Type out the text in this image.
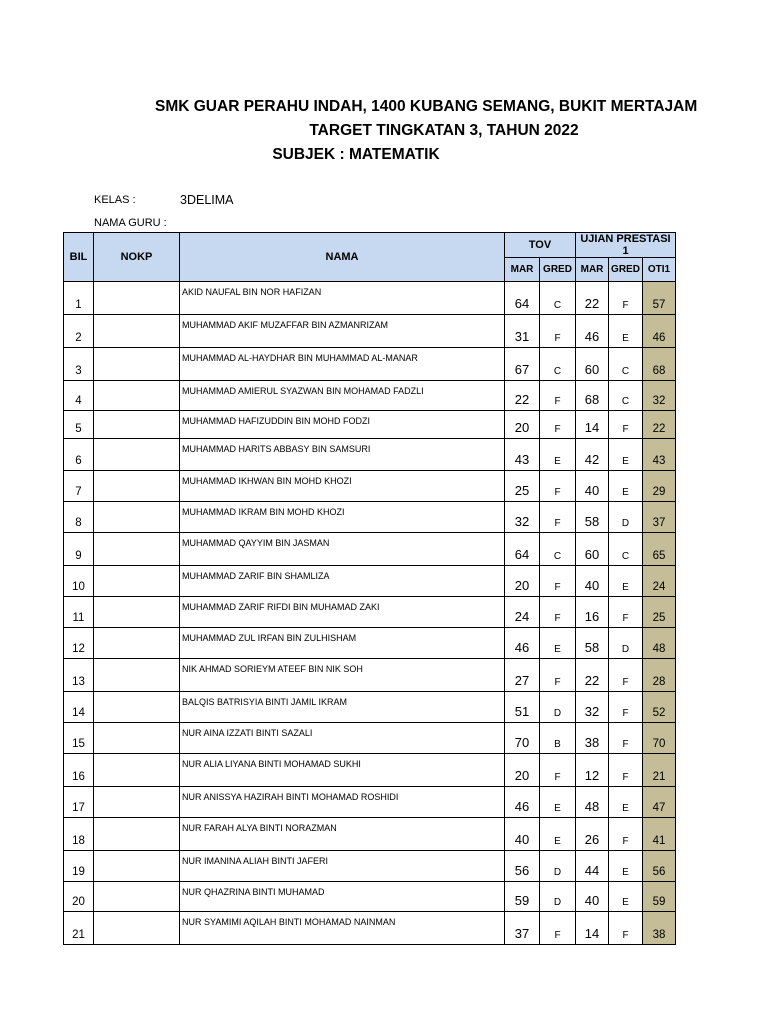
SMK GUAR PERAHU INDAH, 1400 KUBANG SEMANG, BUKIT MERTAJAM
TARGET TINGKATAN 3, TAHUN 2022
SUBJEK : MATEMATIK
KELAS :	3DELIMA
NAMA GURU :
BIL	NOKP	NAMA	TOV		UJIAN PRESTASI 1		
			MAR	GRED	MAR	GRED	OTI1
1		AKID NAUFAL BIN NOR HAFIZAN	64	C	22	F	57
2		MUHAMMAD AKIF MUZAFFAR BIN AZMANRIZAM	31	F	46	E	46
3		MUHAMMAD AL-HAYDHAR BIN MUHAMMAD AL-MANAR	67	C	60	C	68
4		MUHAMMAD AMIERUL SYAZWAN BIN MOHAMAD FADZLI	22	F	68	C	32
5		MUHAMMAD HAFIZUDDIN BIN MOHD FODZI	20	F	14	F	22
6		MUHAMMAD HARITS ABBASY BIN SAMSURI	43	E	42	E	43
7		MUHAMMAD IKHWAN BIN MOHD KHOZI	25	F	40	E	29
8		MUHAMMAD IKRAM BIN MOHD KHOZI	32	F	58	D	37
9		MUHAMMAD QAYYIM BIN JASMAN	64	C	60	C	65
10		MUHAMMAD ZARIF BIN SHAMLIZA	20	F	40	E	24
11		MUHAMMAD ZARIF RIFDI BIN MUHAMAD ZAKI	24	F	16	F	25
12		MUHAMMAD ZUL IRFAN BIN ZULHISHAM	46	E	58	D	48
13		NIK AHMAD SORIEYM ATEEF BIN NIK SOH	27	F	22	F	28
14		BALQIS BATRISYIA BINTI JAMIL IKRAM	51	D	32	F	52
15		NUR AINA IZZATI BINTI SAZALI	70	B	38	F	70
16		NUR ALIA LIYANA BINTI MOHAMAD SUKHI	20	F	12	F	21
17		NUR ANISSYA HAZIRAH BINTI MOHAMAD ROSHIDI	46	E	48	E	47
18		NUR FARAH ALYA BINTI NORAZMAN	40	E	26	F	41
19		NUR IMANINA ALIAH BINTI JAFERI	56	D	44	E	56
20		NUR QHAZRINA BINTI MUHAMAD	59	D	40	E	59
21		NUR SYAMIMI AQILAH BINTI MOHAMAD NAINMAN	37	F	14	F	38
